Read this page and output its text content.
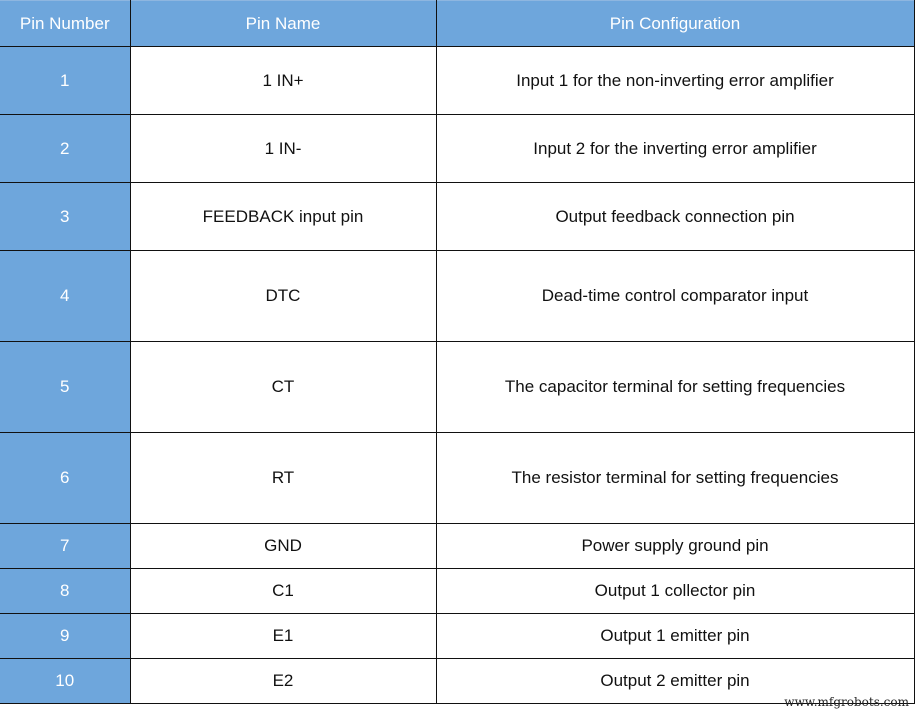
Pin Number	Pin Name	Pin Configuration
1	1 IN+	Input 1 for the non-inverting error amplifier
2	1 IN-	Input 2 for the inverting error amplifier
3	FEEDBACK input pin	Output feedback connection pin
4	DTC	Dead-time control comparator input
5	CT	The capacitor terminal for setting frequencies
6	RT	The resistor terminal for setting frequencies
7	GND	Power supply ground pin
8	C1	Output 1 collector pin
9	E1	Output 1 emitter pin
10	E2	Output 2 emitter pin
www.mfgrobots.com
